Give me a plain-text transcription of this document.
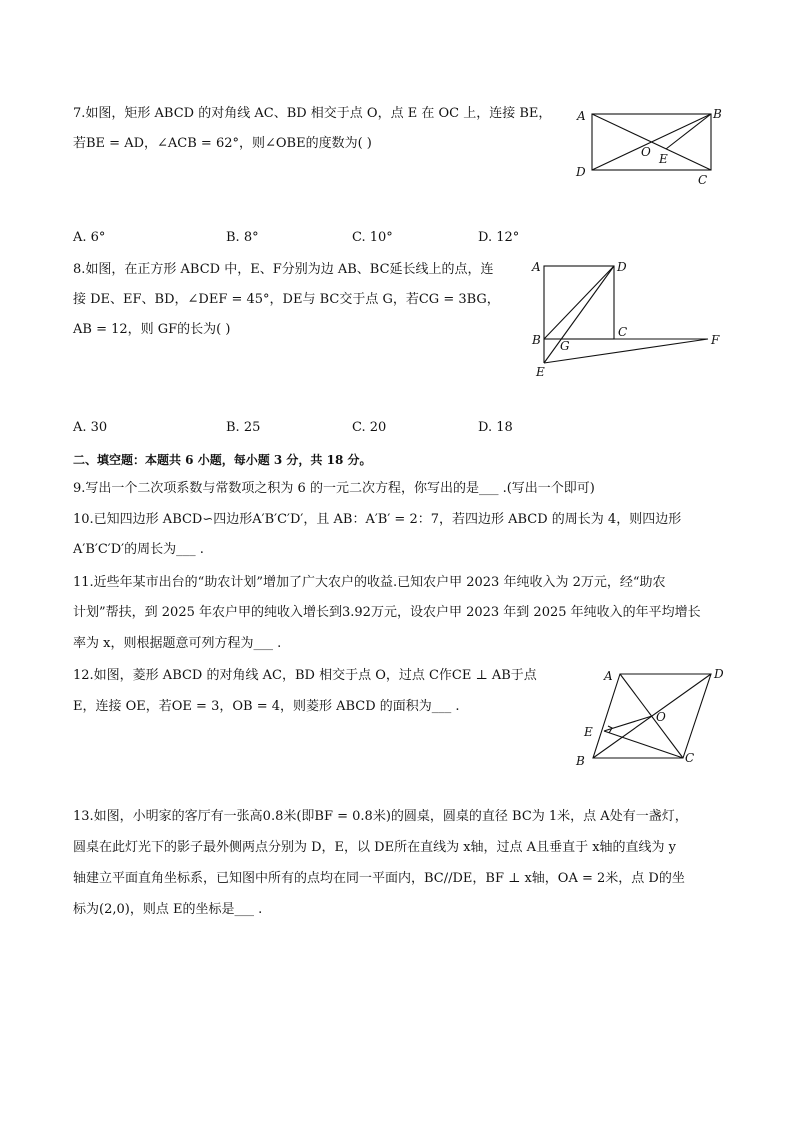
7.如图，矩形 ABCD 的对角线 AC、BD 相交于点 O，点 E 在 OC 上，连接 BE，
若BE = AD，∠ACB = 62°，则∠OBE的度数为( )
A	B
C
D
O E
A. 6°	B. 8°	C. 10°	D. 12°
8.如图，在正方形 ABCD 中，E、F分别为边 AB、BC延长线上的点，连
接 DE、EF、BD，∠DEF = 45°，DE与 BC交于点 G，若CG = 3BG，
AB = 12，则 GF的长为( )
A	D
B
C
F
G
E
A. 30	B. 25	C. 20	D. 18
二、填空题：本题共 6 小题，每小题 3 分，共 18 分。
9.写出一个二次项系数与常数项之积为 6 的一元二次方程，你写出的是___ .(写出一个即可)
10.已知四边形 ABCD∽四边形A′B′C′D′，且 AB：A′B′ = 2：7，若四边形 ABCD 的周长为 4，则四边形
A′B′C′D′的周长为___ .
11.近些年某市出台的“助农计划”增加了广大农户的收益.已知农户甲 2023 年纯收入为 2万元，经“助农
计划”帮扶，到 2025 年农户甲的纯收入增长到3.92万元，设农户甲 2023 年到 2025 年纯收入的年平均增长
率为 x，则根据题意可列方程为___ .
12.如图，菱形 ABCD 的对角线 AC，BD 相交于点 O，过点 C作CE ⊥ AB于点
E，连接 OE，若OE = 3，OB = 4，则菱形 ABCD 的面积为___ .
A	D
B	C
E
O
13.如图，小明家的客厅有一张高0.8米(即BF = 0.8米)的圆桌，圆桌的直径 BC为 1米，点 A处有一盏灯，
圆桌在此灯光下的影子最外侧两点分别为 D，E，以 DE所在直线为 x轴，过点 A且垂直于 x轴的直线为 y
轴建立平面直角坐标系，已知图中所有的点均在同一平面内，BC//DE，BF ⊥ x轴，OA = 2米，点 D的坐
标为(2,0)，则点 E的坐标是___ .
